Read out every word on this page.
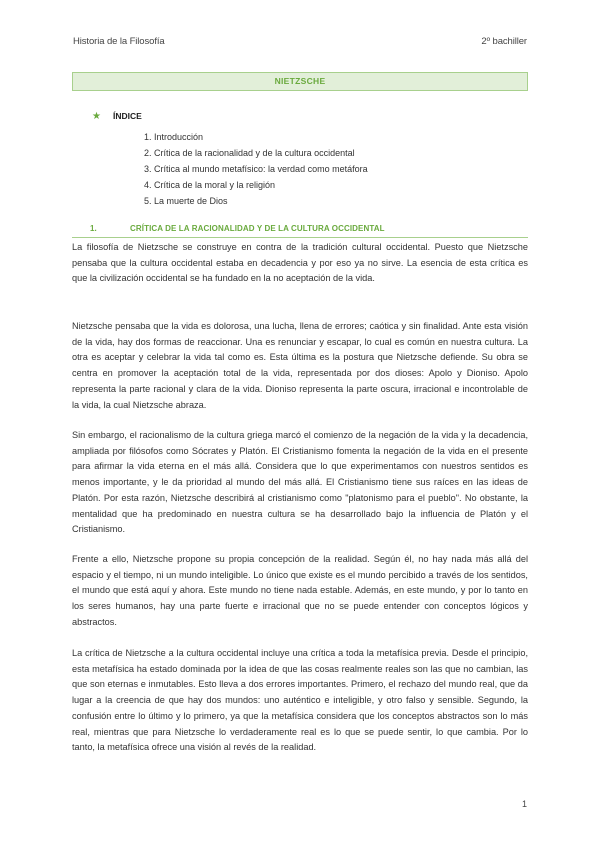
Historia de la Filosofía	2º bachiller
NIETZSCHE
★ ÍNDICE
1. Introducción
2. Crítica de la racionalidad y de la cultura occidental
3. Crítica al mundo metafísico: la verdad como metáfora
4. Crítica de la moral y la religión
5. La muerte de Dios
1.	CRÍTICA DE LA RACIONALIDAD Y DE LA CULTURA OCCIDENTAL

La filosofía de Nietzsche se construye en contra de la tradición cultural occidental. Puesto que Nietzsche pensaba que la cultura occidental estaba en decadencia y por eso ya no sirve. La esencia de esta crítica es que la civilización occidental se ha fundado en la no aceptación de la vida.

Nietzsche pensaba que la vida es dolorosa, una lucha, llena de errores; caótica y sin finalidad. Ante esta visión de la vida, hay dos formas de reaccionar. Una es renunciar y escapar, lo cual es común en nuestra cultura. La otra es aceptar y celebrar la vida tal como es. Esta última es la postura que Nietzsche defiende. Su obra se centra en promover la aceptación total de la vida, representada por dos dioses: Apolo y Dioniso. Apolo representa la parte racional y clara de la vida. Dioniso representa la parte oscura, irracional e incontrolable de la vida, la cual Nietzsche abraza.

Sin embargo, el racionalismo de la cultura griega marcó el comienzo de la negación de la vida y la decadencia, ampliada por filósofos como Sócrates y Platón. El Cristianismo fomenta la negación de la vida en el presente para afirmar la vida eterna en el más allá. Considera que lo que experimentamos con nuestros sentidos es menos importante, y le da prioridad al mundo del más allá. El Cristianismo tiene sus raíces en las ideas de Platón. Por esta razón, Nietzsche describirá al cristianismo como "platonismo para el pueblo". No obstante, la mentalidad que ha predominado en nuestra cultura se ha desarrollado bajo la influencia de Platón y el Cristianismo.

Frente a ello, Nietzsche propone su propia concepción de la realidad. Según él, no hay nada más allá del espacio y el tiempo, ni un mundo inteligible. Lo único que existe es el mundo percibido a través de los sentidos, el mundo que está aquí y ahora. Este mundo no tiene nada estable. Además, en este mundo, y por lo tanto en los seres humanos, hay una parte fuerte e irracional que no se puede entender con conceptos lógicos y abstractos.

La crítica de Nietzsche a la cultura occidental incluye una crítica a toda la metafísica previa. Desde el principio, esta metafísica ha estado dominada por la idea de que las cosas realmente reales son las que no cambian, las que son eternas e inmutables. Esto lleva a dos errores importantes. Primero, el rechazo del mundo real, que da lugar a la creencia de que hay dos mundos: uno auténtico e inteligible, y otro falso y sensible. Segundo, la confusión entre lo último y lo primero, ya que la metafísica considera que los conceptos abstractos son lo más real, mientras que para Nietzsche lo verdaderamente real es lo que se puede sentir, lo que cambia. Por lo tanto, la metafísica ofrece una visión al revés de la realidad.

1
